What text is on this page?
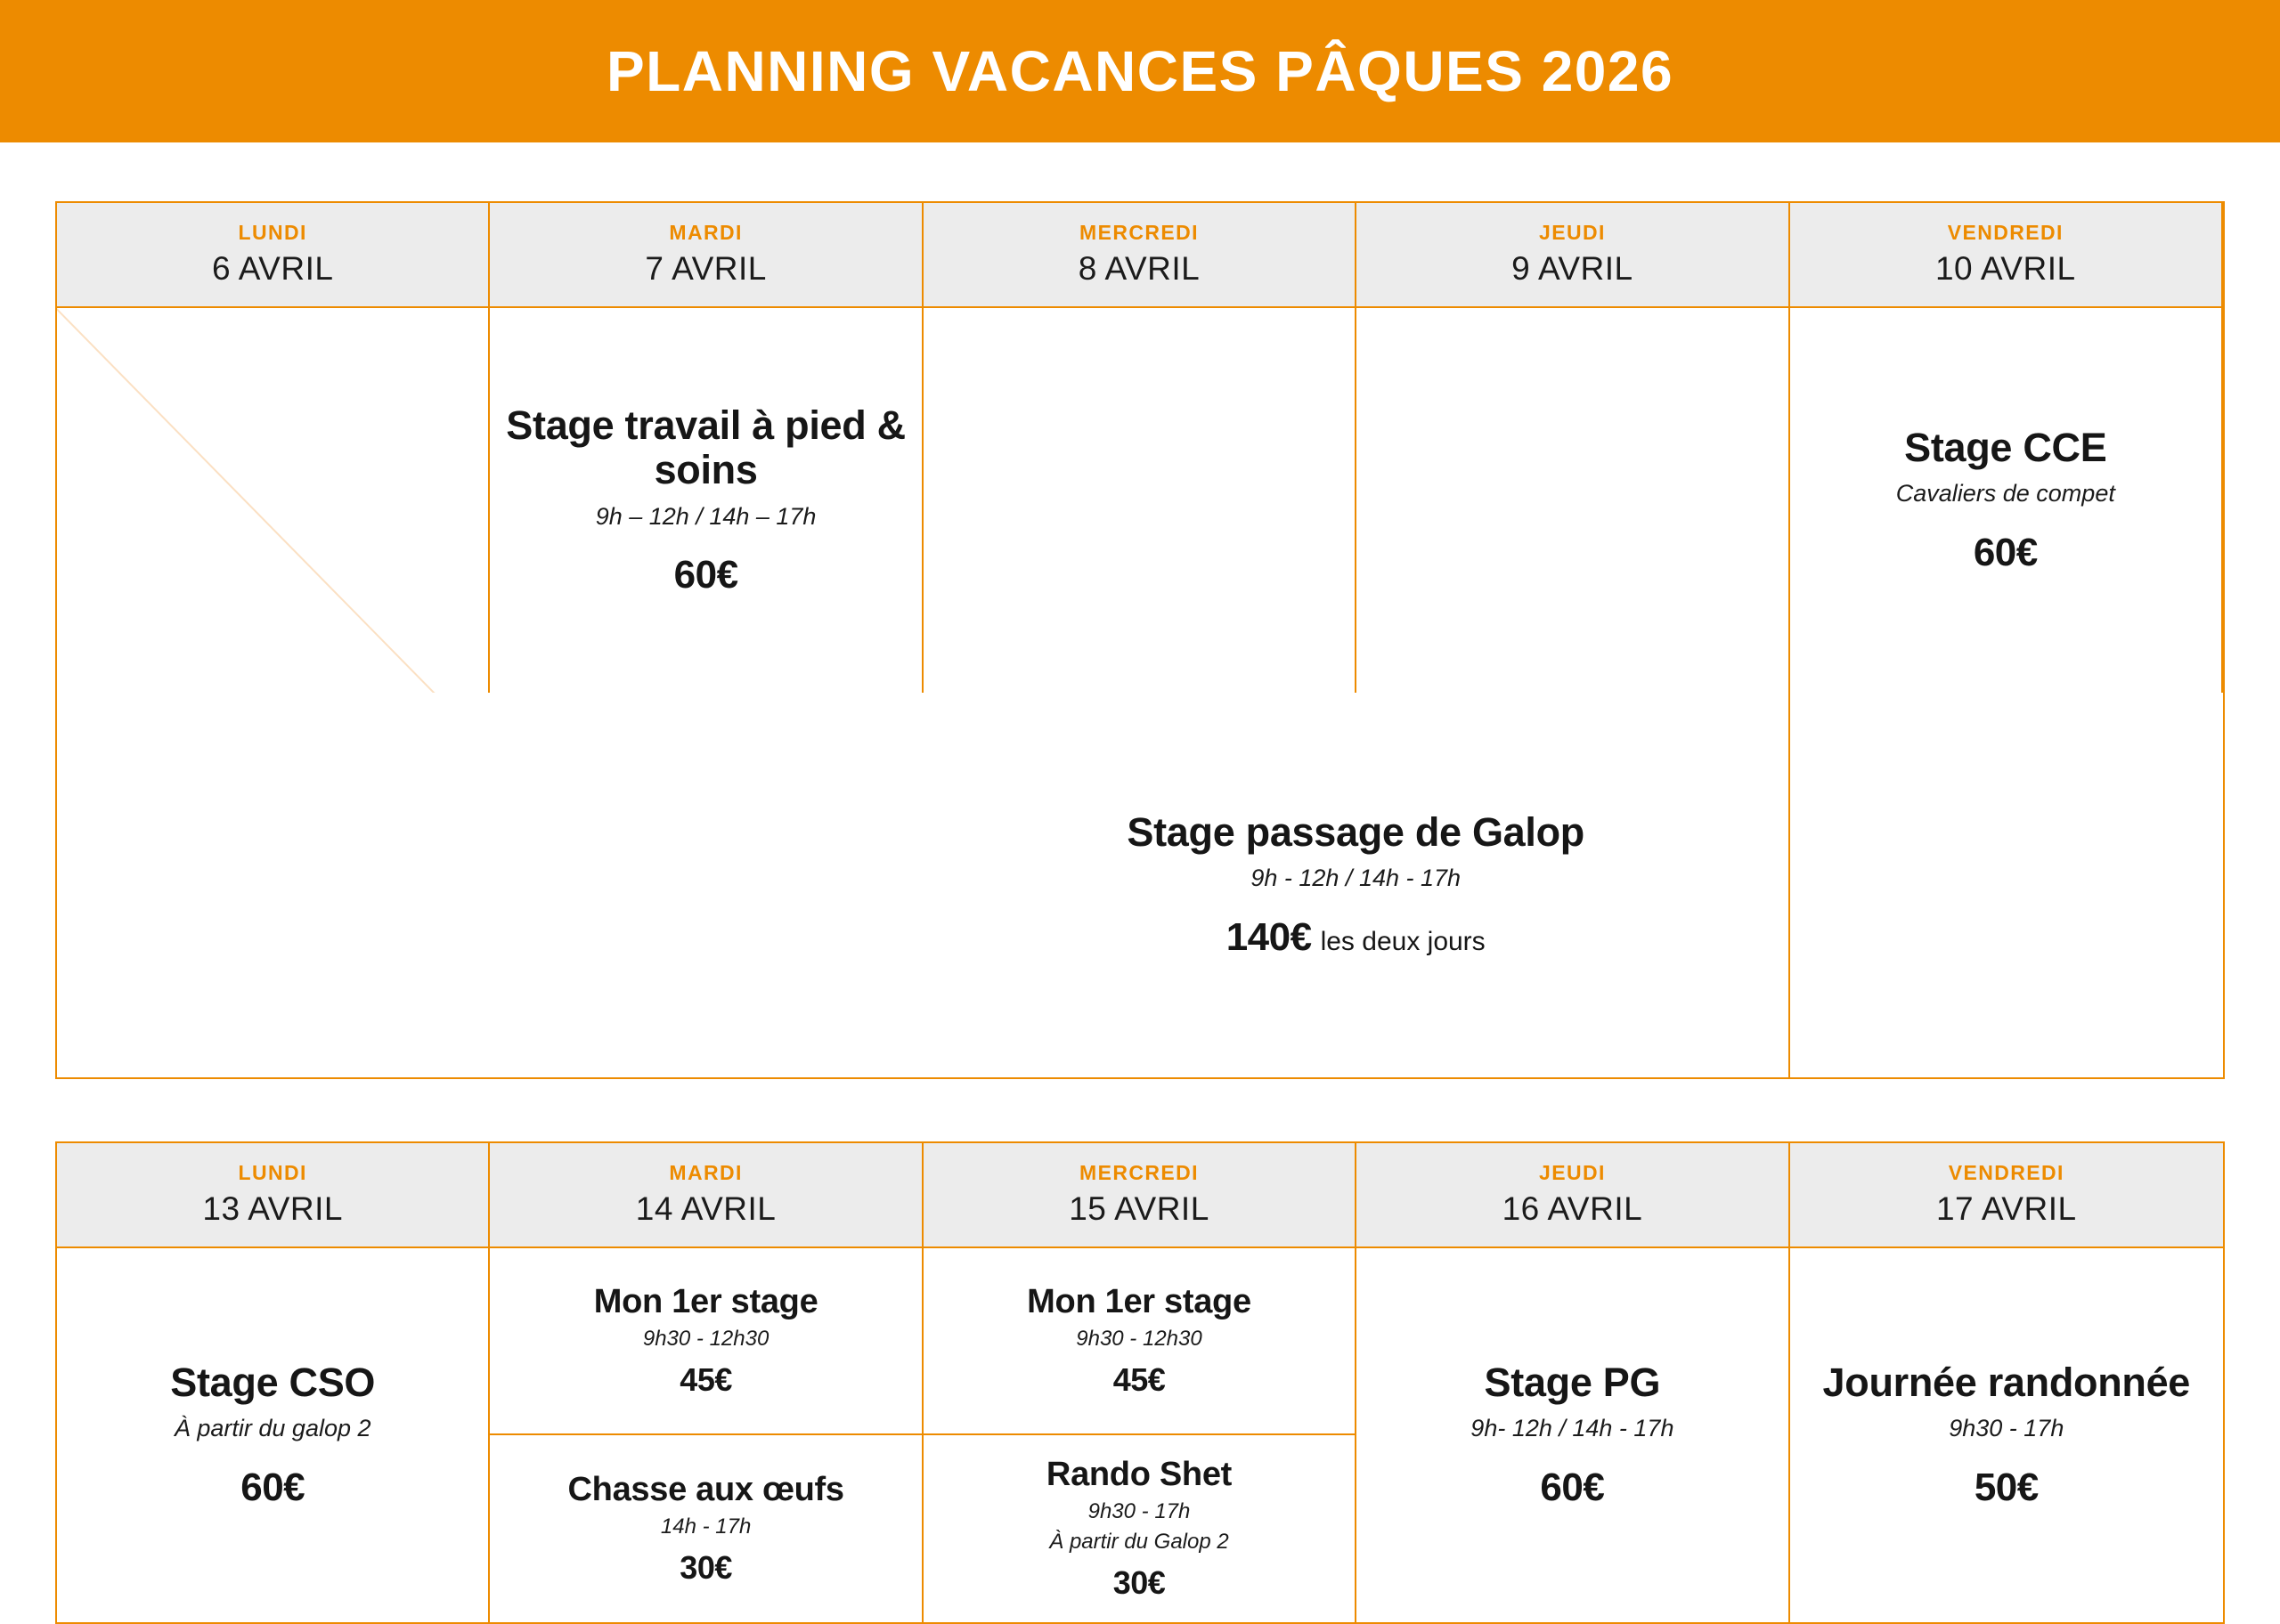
PLANNING VACANCES PÂQUES 2026
LUNDI
6 AVRIL
MARDI
7 AVRIL
Stage travail à pied & soins
9h – 12h / 14h – 17h
60€
MERCREDI
8 AVRIL
JEUDI
9 AVRIL
VENDREDI
10 AVRIL
Stage CCE
Cavaliers de compet
60€
Stage passage de Galop
9h - 12h / 14h - 17h
140€ les deux jours
LUNDI
13 AVRIL
Stage CSO
À partir du galop 2
60€
MARDI
14 AVRIL
Mon 1er stage
9h30 - 12h30
45€
Chasse aux œufs
14h - 17h
30€
MERCREDI
15 AVRIL
Mon 1er stage
9h30 - 12h30
45€
Rando Shet
9h30 - 17h
À partir du Galop 2
30€
JEUDI
16 AVRIL
Stage PG
9h- 12h / 14h - 17h
60€
VENDREDI
17 AVRIL
Journée randonnée
9h30 - 17h
50€
